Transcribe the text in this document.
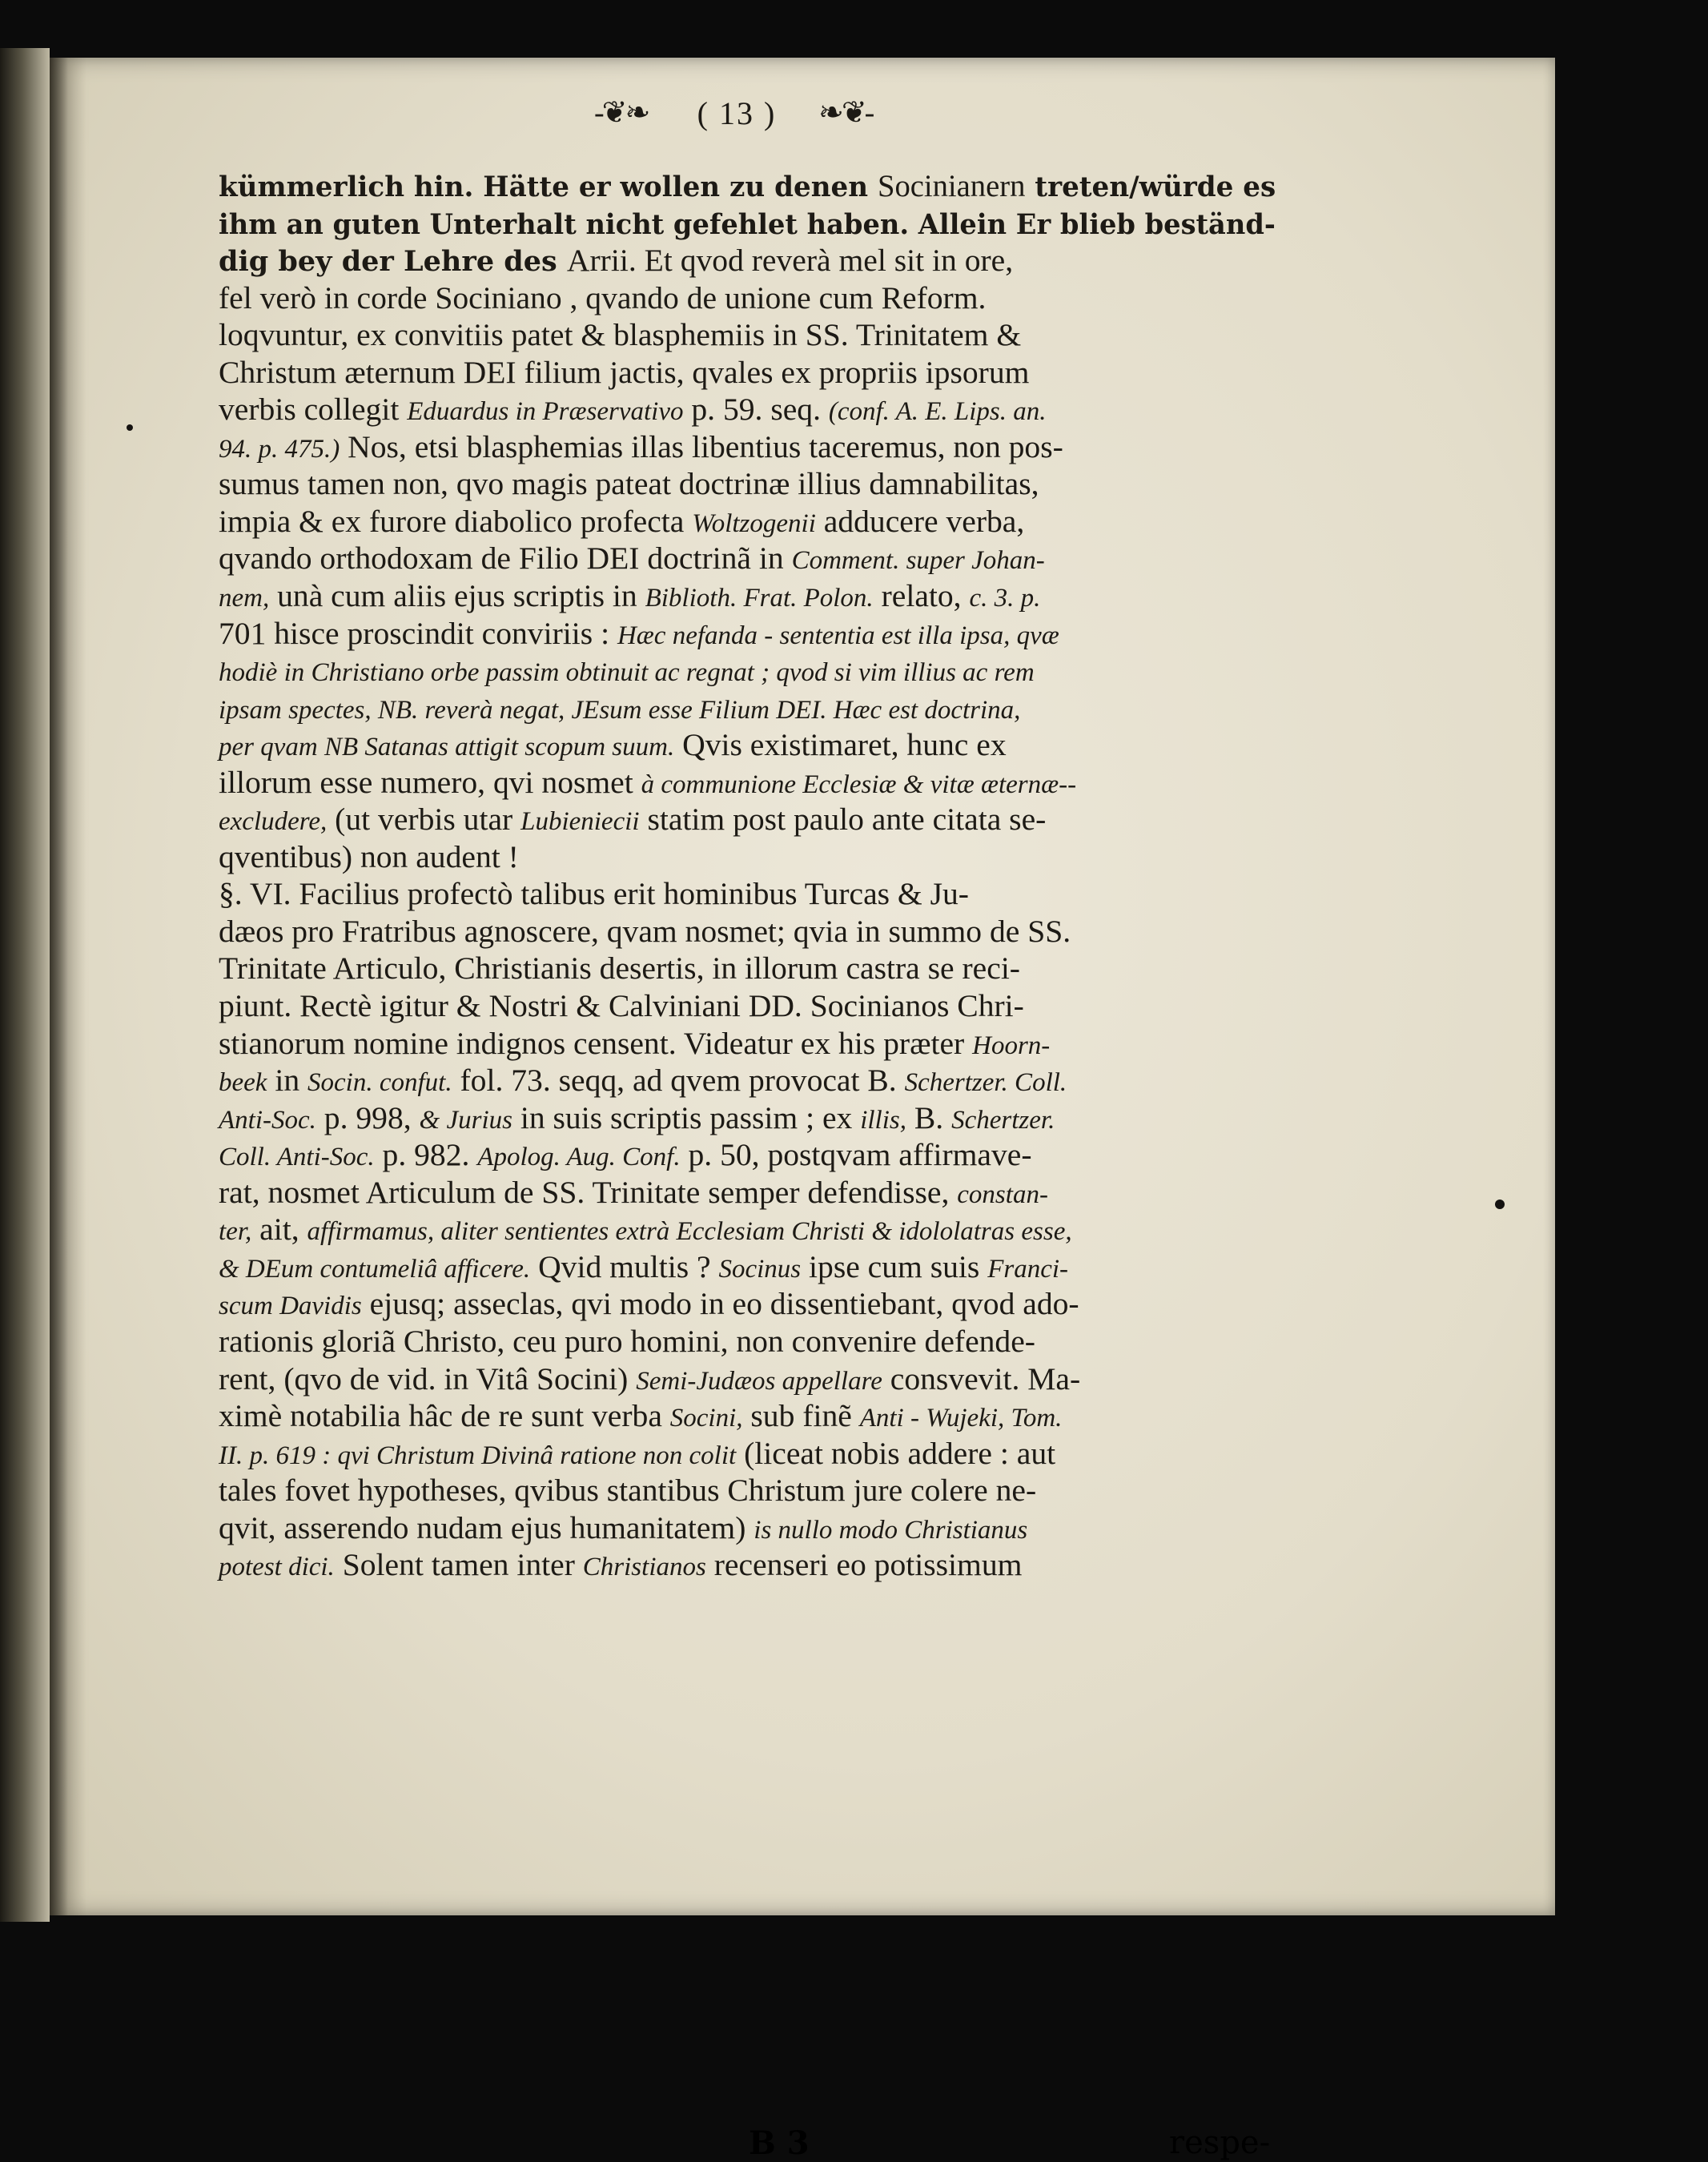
-❦❧	( 13 )	❧❦-
kümmerlich hin. Hätte er wollen zu denen Socinianern treten/würde es
ihm an guten Unterhalt nicht gefehlet haben. Allein Er blieb beständ-
dig bey der Lehre des Arrii. Et qvod reverà mel sit in ore,
fel verò in corde Sociniano , qvando de unione cum Reform.
loqvuntur, ex convitiis patet & blasphemiis in SS. Trinitatem &
Christum æternum DEI filium jactis, qvales ex propriis ipsorum
verbis collegit Eduardus in Præservativo p. 59. seq. (conf. A. E. Lips. an.
94. p. 475.) Nos, etsi blasphemias illas libentius taceremus, non pos-
sumus tamen non, qvo magis pateat doctrinæ illius damnabilitas,
impia & ex furore diabolico profecta Woltzogenii adducere verba,
qvando orthodoxam de Filio DEI doctrinã in Comment. super Johan-
nem, unà cum aliis ejus scriptis in Biblioth. Frat. Polon. relato, c. 3. p.
701 hisce proscindit conviriis : Hæc nefanda - sententia est illa ipsa, qvæ
hodiè in Christiano orbe passim obtinuit ac regnat ; qvod si vim illius ac rem
ipsam spectes, NB. reverà negat, JEsum esse Filium DEI. Hæc est doctrina,
per qvam NB Satanas attigit scopum suum. Qvis existimaret, hunc ex
illorum esse numero, qvi nosmet à communione Ecclesiæ & vitæ æternæ--
excludere, (ut verbis utar Lubieniecii statim post paulo ante citata se-
qventibus) non audent !
§. VI. Facilius profectò talibus erit hominibus Turcas & Ju-
dæos pro Fratribus agnoscere, qvam nosmet; qvia in summo de SS.
Trinitate Articulo, Christianis desertis, in illorum castra se reci-
piunt. Rectè igitur & Nostri & Calviniani DD. Socinianos Chri-
stianorum nomine indignos censent. Videatur ex his præter Hoorn-
beek in Socin. confut. fol. 73. seqq, ad qvem provocat B. Schertzer. Coll.
Anti-Soc. p. 998, & Jurius in suis scriptis passim ; ex illis, B. Schertzer.
Coll. Anti-Soc. p. 982. Apolog. Aug. Conf. p. 50, postqvam affirmave-
rat, nosmet Articulum de SS. Trinitate semper defendisse, constan-
ter, ait, affirmamus, aliter sentientes extrà Ecclesiam Christi & idololatras esse,
& DEum contumeliâ afficere. Qvid multis ? Socinus ipse cum suis Franci-
scum Davidis ejusq; asseclas, qvi modo in eo dissentiebant, qvod ado-
rationis gloriã Christo, ceu puro homini, non convenire defende-
rent, (qvo de vid. in Vitâ Socini) Semi-Judæos appellare consvevit. Ma-
ximè notabilia hâc de re sunt verba Socini, sub finẽ Anti - Wujeki, Tom.
II. p. 619 : qvi Christum Divinâ ratione non colit (liceat nobis addere : aut
tales fovet hypotheses, qvibus stantibus Christum jure colere ne-
qvit, asserendo nudam ejus humanitatem) is nullo modo Christianus
potest dici. Solent tamen inter Christianos recenseri eo potissimum
B 3	respe-
